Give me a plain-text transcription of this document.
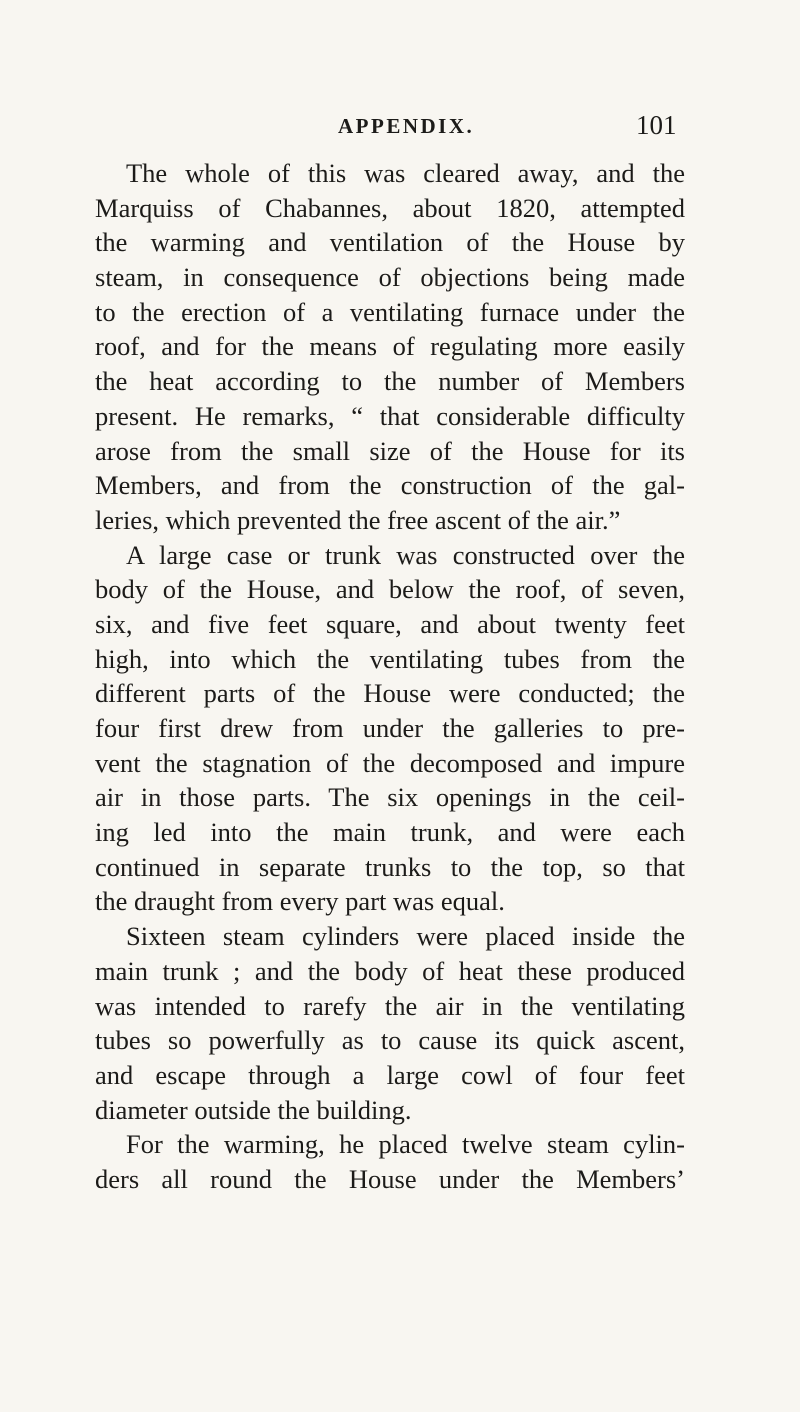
APPENDIX.	101
The whole of this was cleared away, and the
Marquiss of Chabannes, about 1820, attempted
the warming and ventilation of the House by
steam, in consequence of objections being made
to the erection of a ventilating furnace under the
roof, and for the means of regulating more easily
the heat according to the number of Members
present. He remarks, “ that considerable difficulty
arose from the small size of the House for its
Members, and from the construction of the gal-
leries, which prevented the free ascent of the air.”
A large case or trunk was constructed over the
body of the House, and below the roof, of seven,
six, and five feet square, and about twenty feet
high, into which the ventilating tubes from the
different parts of the House were conducted; the
four first drew from under the galleries to pre-
vent the stagnation of the decomposed and impure
air in those parts. The six openings in the ceil-
ing led into the main trunk, and were each
continued in separate trunks to the top, so that
the draught from every part was equal.
Sixteen steam cylinders were placed inside the
main trunk ; and the body of heat these produced
was intended to rarefy the air in the ventilating
tubes so powerfully as to cause its quick ascent,
and escape through a large cowl of four feet
diameter outside the building.
For the warming, he placed twelve steam cylin-
ders all round the House under the Members’
